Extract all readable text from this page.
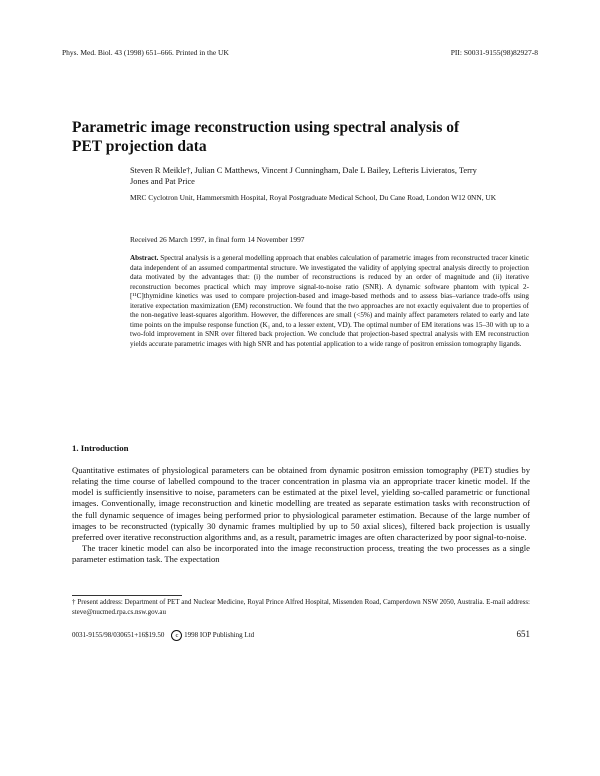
Phys. Med. Biol. 43 (1998) 651–666. Printed in the UK	PII: S0031-9155(98)82927-8
Parametric image reconstruction using spectral analysis of PET projection data
Steven R Meikle†, Julian C Matthews, Vincent J Cunningham, Dale L Bailey, Lefteris Livieratos, Terry Jones and Pat Price
MRC Cyclotron Unit, Hammersmith Hospital, Royal Postgraduate Medical School, Du Cane Road, London W12 0NN, UK
Received 26 March 1997, in final form 14 November 1997
Abstract. Spectral analysis is a general modelling approach that enables calculation of parametric images from reconstructed tracer kinetic data independent of an assumed compartmental structure. We investigated the validity of applying spectral analysis directly to projection data motivated by the advantages that: (i) the number of reconstructions is reduced by an order of magnitude and (ii) iterative reconstruction becomes practical which may improve signal-to-noise ratio (SNR). A dynamic software phantom with typical 2-[¹¹C]thymidine kinetics was used to compare projection-based and image-based methods and to assess bias–variance trade-offs using iterative expectation maximization (EM) reconstruction. We found that the two approaches are not exactly equivalent due to properties of the non-negative least-squares algorithm. However, the differences are small (<5%) and mainly affect parameters related to early and late time points on the impulse response function (K₁ and, to a lesser extent, VD). The optimal number of EM iterations was 15–30 with up to a two-fold improvement in SNR over filtered back projection. We conclude that projection-based spectral analysis with EM reconstruction yields accurate parametric images with high SNR and has potential application to a wide range of positron emission tomography ligands.
1. Introduction

Quantitative estimates of physiological parameters can be obtained from dynamic positron emission tomography (PET) studies by relating the time course of labelled compound to the tracer concentration in plasma via an appropriate tracer kinetic model. If the model is sufficiently insensitive to noise, parameters can be estimated at the pixel level, yielding so-called parametric or functional images. Conventionally, image reconstruction and kinetic modelling are treated as separate estimation tasks with reconstruction of the full dynamic sequence of images being performed prior to physiological parameter estimation. Because of the large number of images to be reconstructed (typically 30 dynamic frames multiplied by up to 50 axial slices), filtered back projection is usually preferred over iterative reconstruction algorithms and, as a result, parametric images are often characterized by poor signal-to-noise.

The tracer kinetic model can also be incorporated into the image reconstruction process, treating the two processes as a single parameter estimation task. The expectation

† Present address: Department of PET and Nuclear Medicine, Royal Prince Alfred Hospital, Missenden Road, Camperdown NSW 2050, Australia. E-mail address: steve@nucmed.rpa.cs.nsw.gov.au
0031-9155/98/030651+16$19.50 c 1998 IOP Publishing Ltd	651
